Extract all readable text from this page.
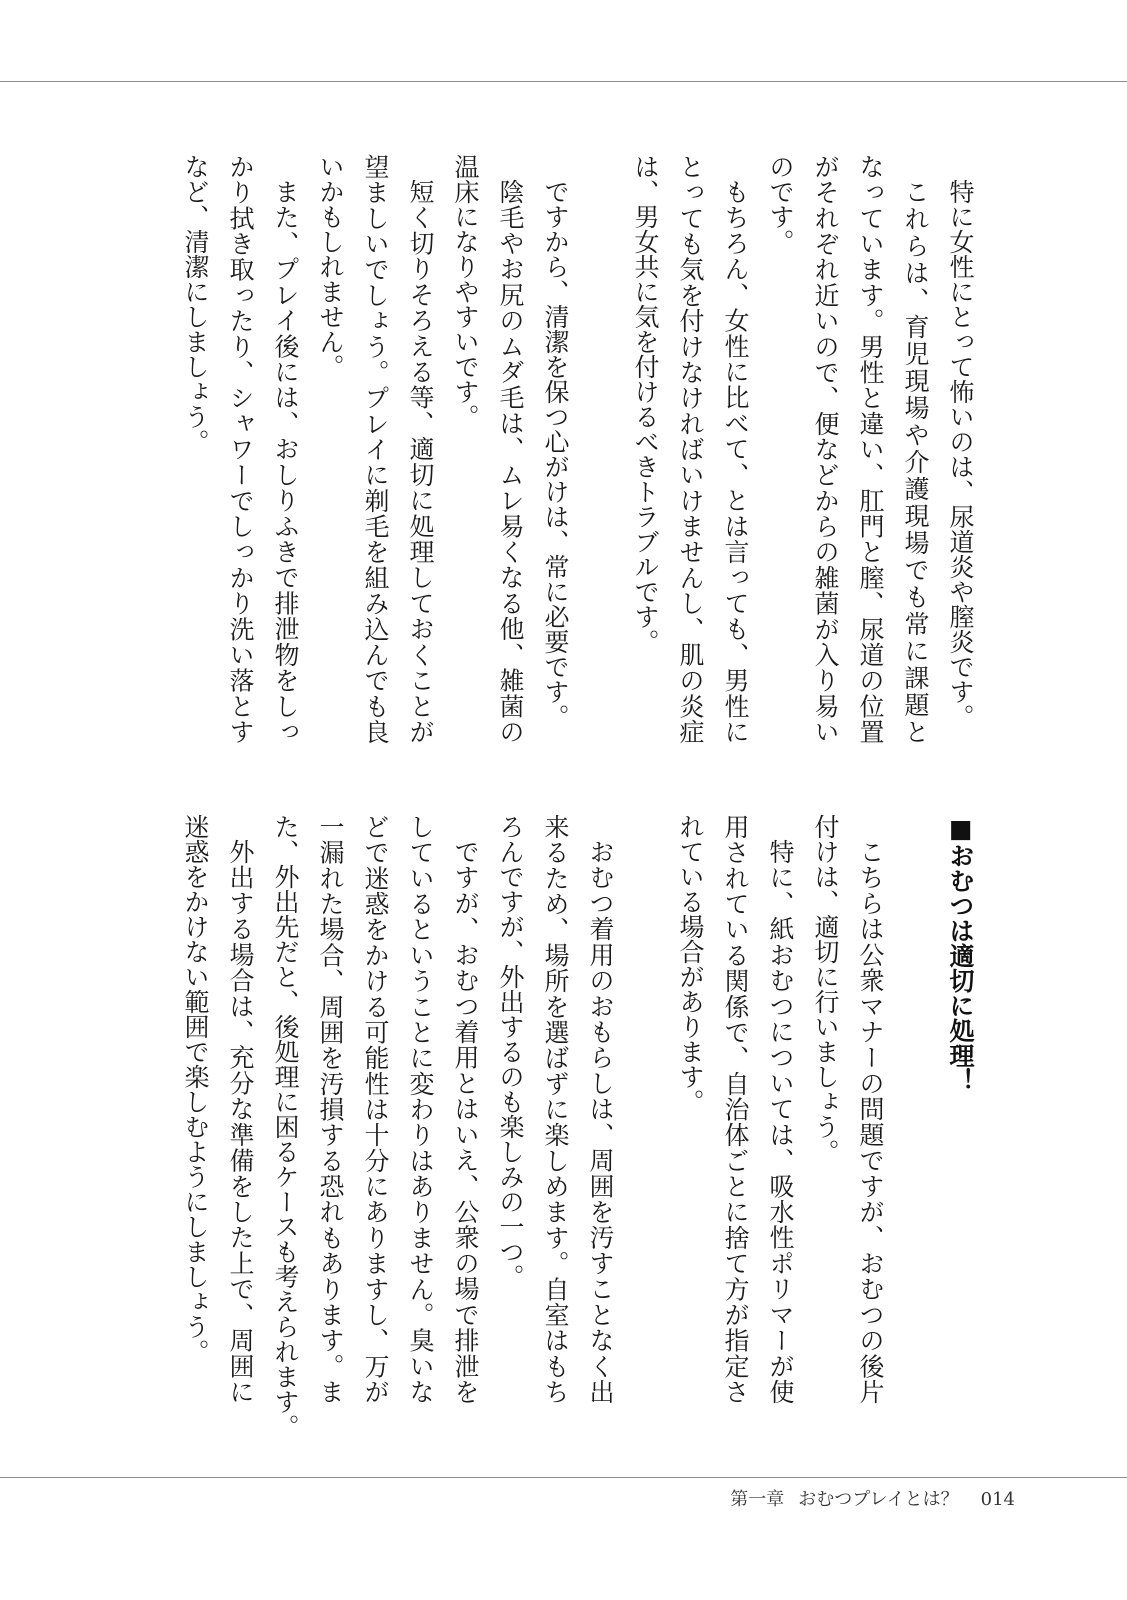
特に女性にとって怖いのは、尿道炎や膣炎です。
これらは、育児現場や介護現場でも常に課題と
なっています。男性と違い、肛門と膣、尿道の位置
がそれぞれ近いので、便などからの雑菌が入り易い
のです。
もちろん、女性に比べて、とは言っても、男性に
とっても気を付けなければいけませんし、肌の炎症
は、男女共に気を付けるべきトラブルです。
ですから、清潔を保つ心がけは、常に必要です。
陰毛やお尻のムダ毛は、ムレ易くなる他、雑菌の
温床になりやすいです。
短く切りそろえる等、適切に処理しておくことが
望ましいでしょう。プレイに剃毛を組み込んでも良
いかもしれません。
また、プレイ後には、おしりふきで排泄物をしっ
かり拭き取ったり、シャワーでしっかり洗い落とす
など、清潔にしましょう。
■おむつは適切に処理！
こちらは公衆マナーの問題ですが、おむつの後片
付けは、適切に行いましょう。
特に、紙おむつについては、吸水性ポリマーが使
用されている関係で、自治体ごとに捨て方が指定さ
れている場合があります。
おむつ着用のおもらしは、周囲を汚すことなく出
来るため、場所を選ばずに楽しめます。自室はもち
ろんですが、外出するのも楽しみの一つ。
ですが、おむつ着用とはいえ、公衆の場で排泄を
しているということに変わりはありません。臭いな
どで迷惑をかける可能性は十分にありますし、万が
一漏れた場合、周囲を汚損する恐れもあります。ま
た、外出先だと、後処理に困るケースも考えられます。
外出する場合は、充分な準備をした上で、周囲に
迷惑をかけない範囲で楽しむようにしましょう。
第一章 おむつプレイとは？ 014
